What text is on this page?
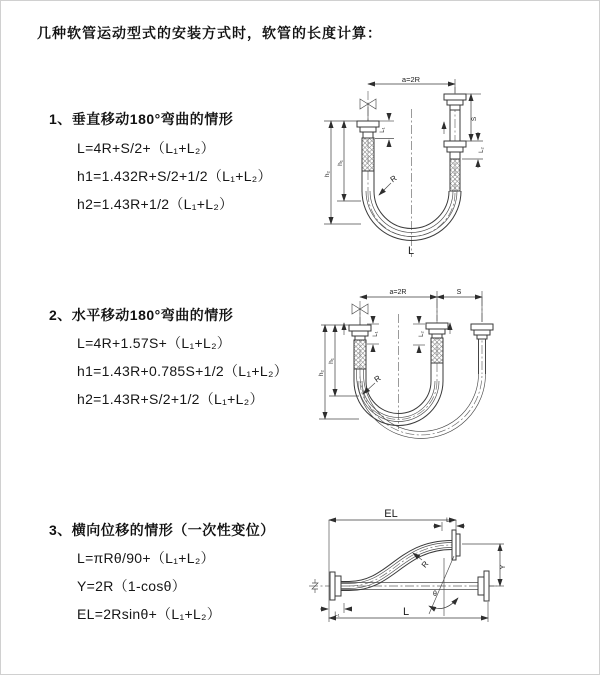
几种软管运动型式的安装方式时，软管的长度计算：
1、垂直移动180°弯曲的情形
L=4R+S/2+（L₁+L₂）
h1=1.432R+S/2+1/2（L₁+L₂）
h2=1.43R+1/2（L₁+L₂）
2、水平移动180°弯曲的情形
L=4R+1.57S+（L₁+L₂）
h1=1.43R+0.785S+1/2（L₁+L₂）
h2=1.43R+S/2+1/2（L₁+L₂）
3、横向位移的情形（一次性变位）
L=πRθ/90+（L₁+L₂）
Y=2R（1-cosθ）
EL=2Rsinθ+（L₁+L₂）
a=2R
h₁
h₂
L₁
S
L₂
R
L
a=2R	S
h₁
h₂
L₁	L₂
R
EL
L₂
Y
θ
R
L
L₁
